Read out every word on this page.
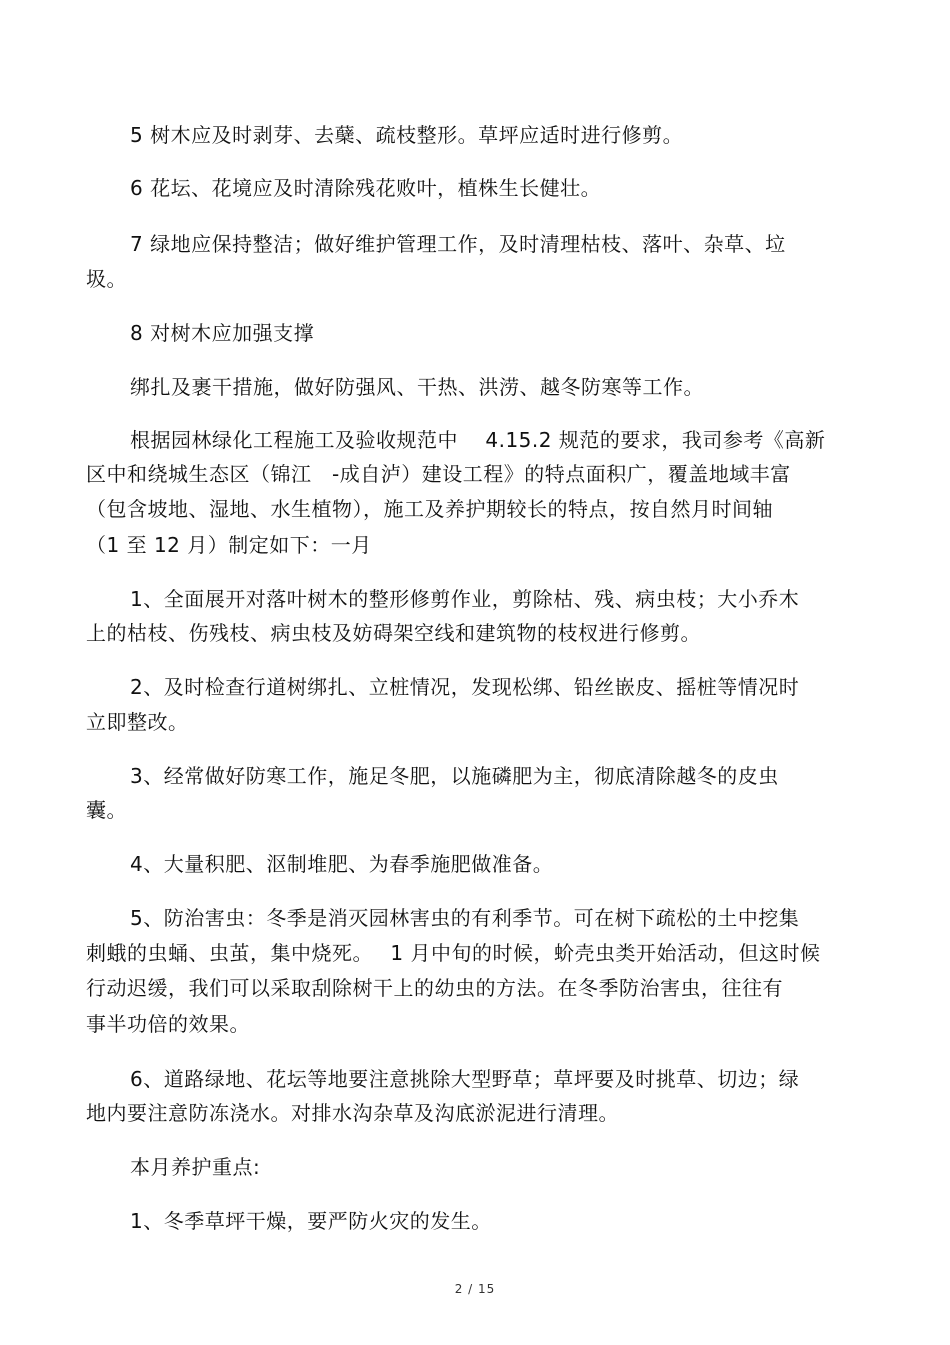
5 树木应及时剥芽、去蘖、疏枝整形。草坪应适时进行修剪。
6 花坛、花境应及时清除残花败叶，植株生长健壮。
7 绿地应保持整洁；做好维护管理工作，及时清理枯枝、落叶、杂草、垃
圾。
8 对树木应加强支撑
绑扎及裹干措施，做好防强风、干热、洪涝、越冬防寒等工作。
根据园林绿化工程施工及验收规范中　 4.15.2 规范的要求，我司参考《高新
区中和绕城生态区（锦江　-成自泸）建设工程》的特点面积广，覆盖地域丰富
（包含坡地、湿地、水生植物），施工及养护期较长的特点，按自然月时间轴
（1 至 12 月）制定如下：一月
1、全面展开对落叶树木的整形修剪作业，剪除枯、残、病虫枝；大小乔木
上的枯枝、伤残枝、病虫枝及妨碍架空线和建筑物的枝杈进行修剪。
2、及时检查行道树绑扎、立桩情况，发现松绑、铅丝嵌皮、摇桩等情况时
立即整改。
3、经常做好防寒工作，施足冬肥，以施磷肥为主，彻底清除越冬的皮虫
囊。
4、大量积肥、沤制堆肥、为春季施肥做准备。
5、防治害虫：冬季是消灭园林害虫的有利季节。可在树下疏松的土中挖集
刺蛾的虫蛹、虫茧，集中烧死。　 1 月中旬的时候，蚧壳虫类开始活动，但这时候
行动迟缓，我们可以采取刮除树干上的幼虫的方法。在冬季防治害虫，往往有
事半功倍的效果。
6、道路绿地、花坛等地要注意挑除大型野草；草坪要及时挑草、切边；绿
地内要注意防冻浇水。对排水沟杂草及沟底淤泥进行清理。
本月养护重点:
1、冬季草坪干燥，要严防火灾的发生。
2 / 15
